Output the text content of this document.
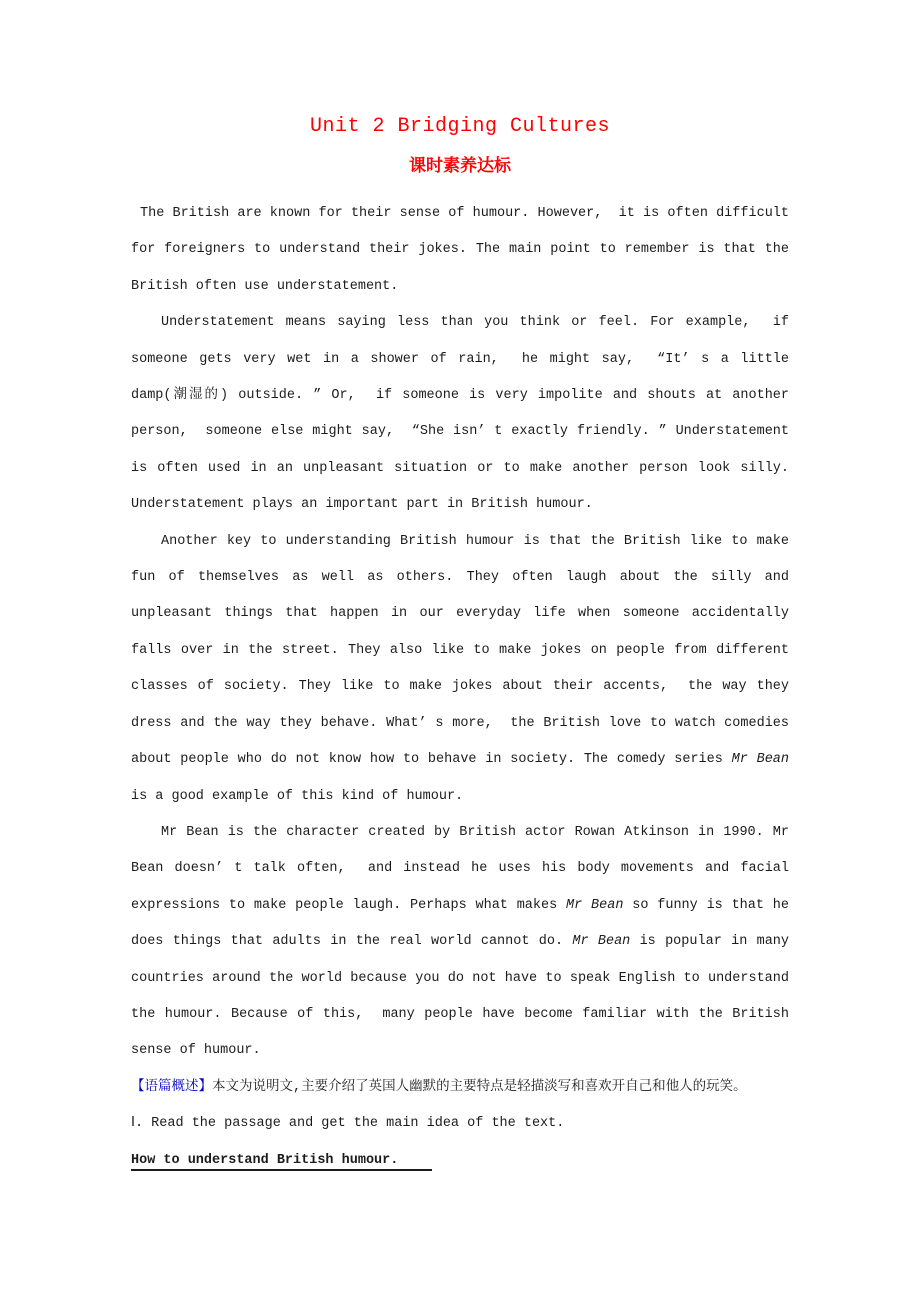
Unit 2 Bridging Cultures
课时素养达标

The British are known for their sense of humour. However,  it is often difficult for foreigners to understand their jokes. The main point to remember is that the British often use understatement.

Understatement means saying less than you think or feel. For example,  if someone gets very wet in a shower of rain,  he might say,  “It’ s a little damp(潮湿的) outside. ” Or,  if someone is very impolite and shouts at another person,  someone else might say,  “She isn’ t exactly friendly. ” Understatement is often used in an unpleasant situation or to make another person look silly. Understatement plays an important part in British humour.

Another key to understanding British humour is that the British like to make fun of themselves as well as others. They often laugh about the silly and unpleasant things that happen in our everyday life when someone accidentally falls over in the street. They also like to make jokes on people from different classes of society. They like to make jokes about their accents,  the way they dress and the way they behave. What’ s more,  the British love to watch comedies about people who do not know how to behave in society. The comedy series Mr Bean is a good example of this kind of humour.

Mr Bean is the character created by British actor Rowan Atkinson in 1990. Mr Bean doesn’ t talk often,  and instead he uses his body movements and facial expressions to make people laugh. Perhaps what makes Mr Bean so funny is that he does things that adults in the real world cannot do. Mr Bean is popular in many countries around the world because you do not have to speak English to understand the humour. Because of this,  many people have become familiar with the British sense of humour.

【语篇概述】本文为说明文,主要介绍了英国人幽默的主要特点是轻描淡写和喜欢开自己和他人的玩笑。

Ⅰ. Read the passage and get the main idea of the text.

How to understand British humour.
